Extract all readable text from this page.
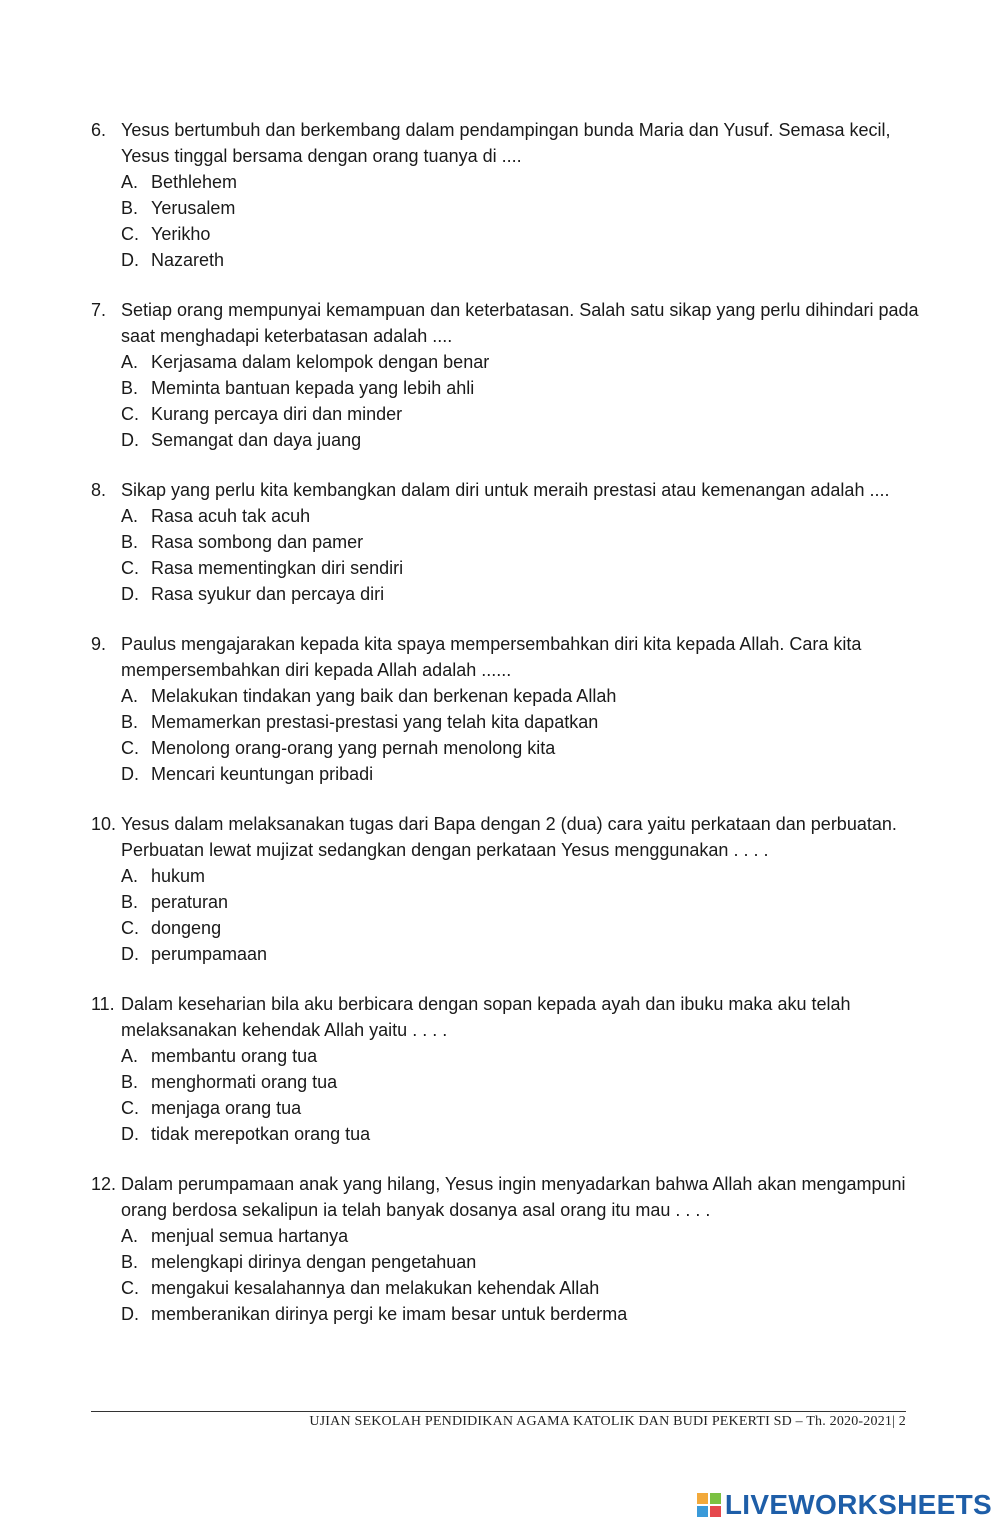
6. Yesus bertumbuh dan berkembang dalam pendampingan bunda Maria dan Yusuf. Semasa kecil, Yesus tinggal bersama dengan orang tuanya di ....
A. Bethlehem
B. Yerusalem
C. Yerikho
D. Nazareth
7. Setiap orang mempunyai kemampuan dan keterbatasan. Salah satu sikap yang perlu dihindari pada saat menghadapi keterbatasan adalah ....
A. Kerjasama dalam kelompok dengan benar
B. Meminta bantuan kepada yang lebih ahli
C. Kurang percaya diri dan minder
D. Semangat dan daya juang
8. Sikap yang perlu kita kembangkan dalam diri untuk meraih prestasi atau kemenangan adalah ....
A. Rasa acuh tak acuh
B. Rasa sombong dan pamer
C. Rasa mementingkan diri sendiri
D. Rasa syukur dan percaya diri
9. Paulus mengajarakan kepada kita spaya mempersembahkan diri kita kepada Allah. Cara kita mempersembahkan diri kepada Allah adalah ......
A. Melakukan tindakan yang baik dan berkenan kepada Allah
B. Memamerkan prestasi-prestasi yang telah kita dapatkan
C. Menolong orang-orang yang pernah menolong kita
D. Mencari keuntungan pribadi
10. Yesus dalam melaksanakan tugas dari Bapa dengan 2 (dua) cara yaitu perkataan dan perbuatan. Perbuatan lewat mujizat sedangkan dengan perkataan Yesus menggunakan . . . .
A. hukum
B. peraturan
C. dongeng
D. perumpamaan
11. Dalam keseharian bila aku berbicara dengan sopan kepada ayah dan ibuku maka aku telah melaksanakan kehendak Allah yaitu . . . .
A. membantu orang tua
B. menghormati orang tua
C. menjaga orang tua
D. tidak merepotkan orang tua
12. Dalam perumpamaan anak yang hilang, Yesus ingin menyadarkan bahwa Allah akan mengampuni orang berdosa sekalipun ia telah banyak dosanya asal orang itu mau . . . .
A. menjual semua hartanya
B. melengkapi dirinya dengan pengetahuan
C. mengakui kesalahannya dan melakukan kehendak Allah
D. memberanikan dirinya pergi ke imam besar untuk berderma
UJIAN SEKOLAH PENDIDIKAN AGAMA KATOLIK DAN BUDI PEKERTI SD – Th. 2020-2021| 2
LIVEWORKSHEETS
